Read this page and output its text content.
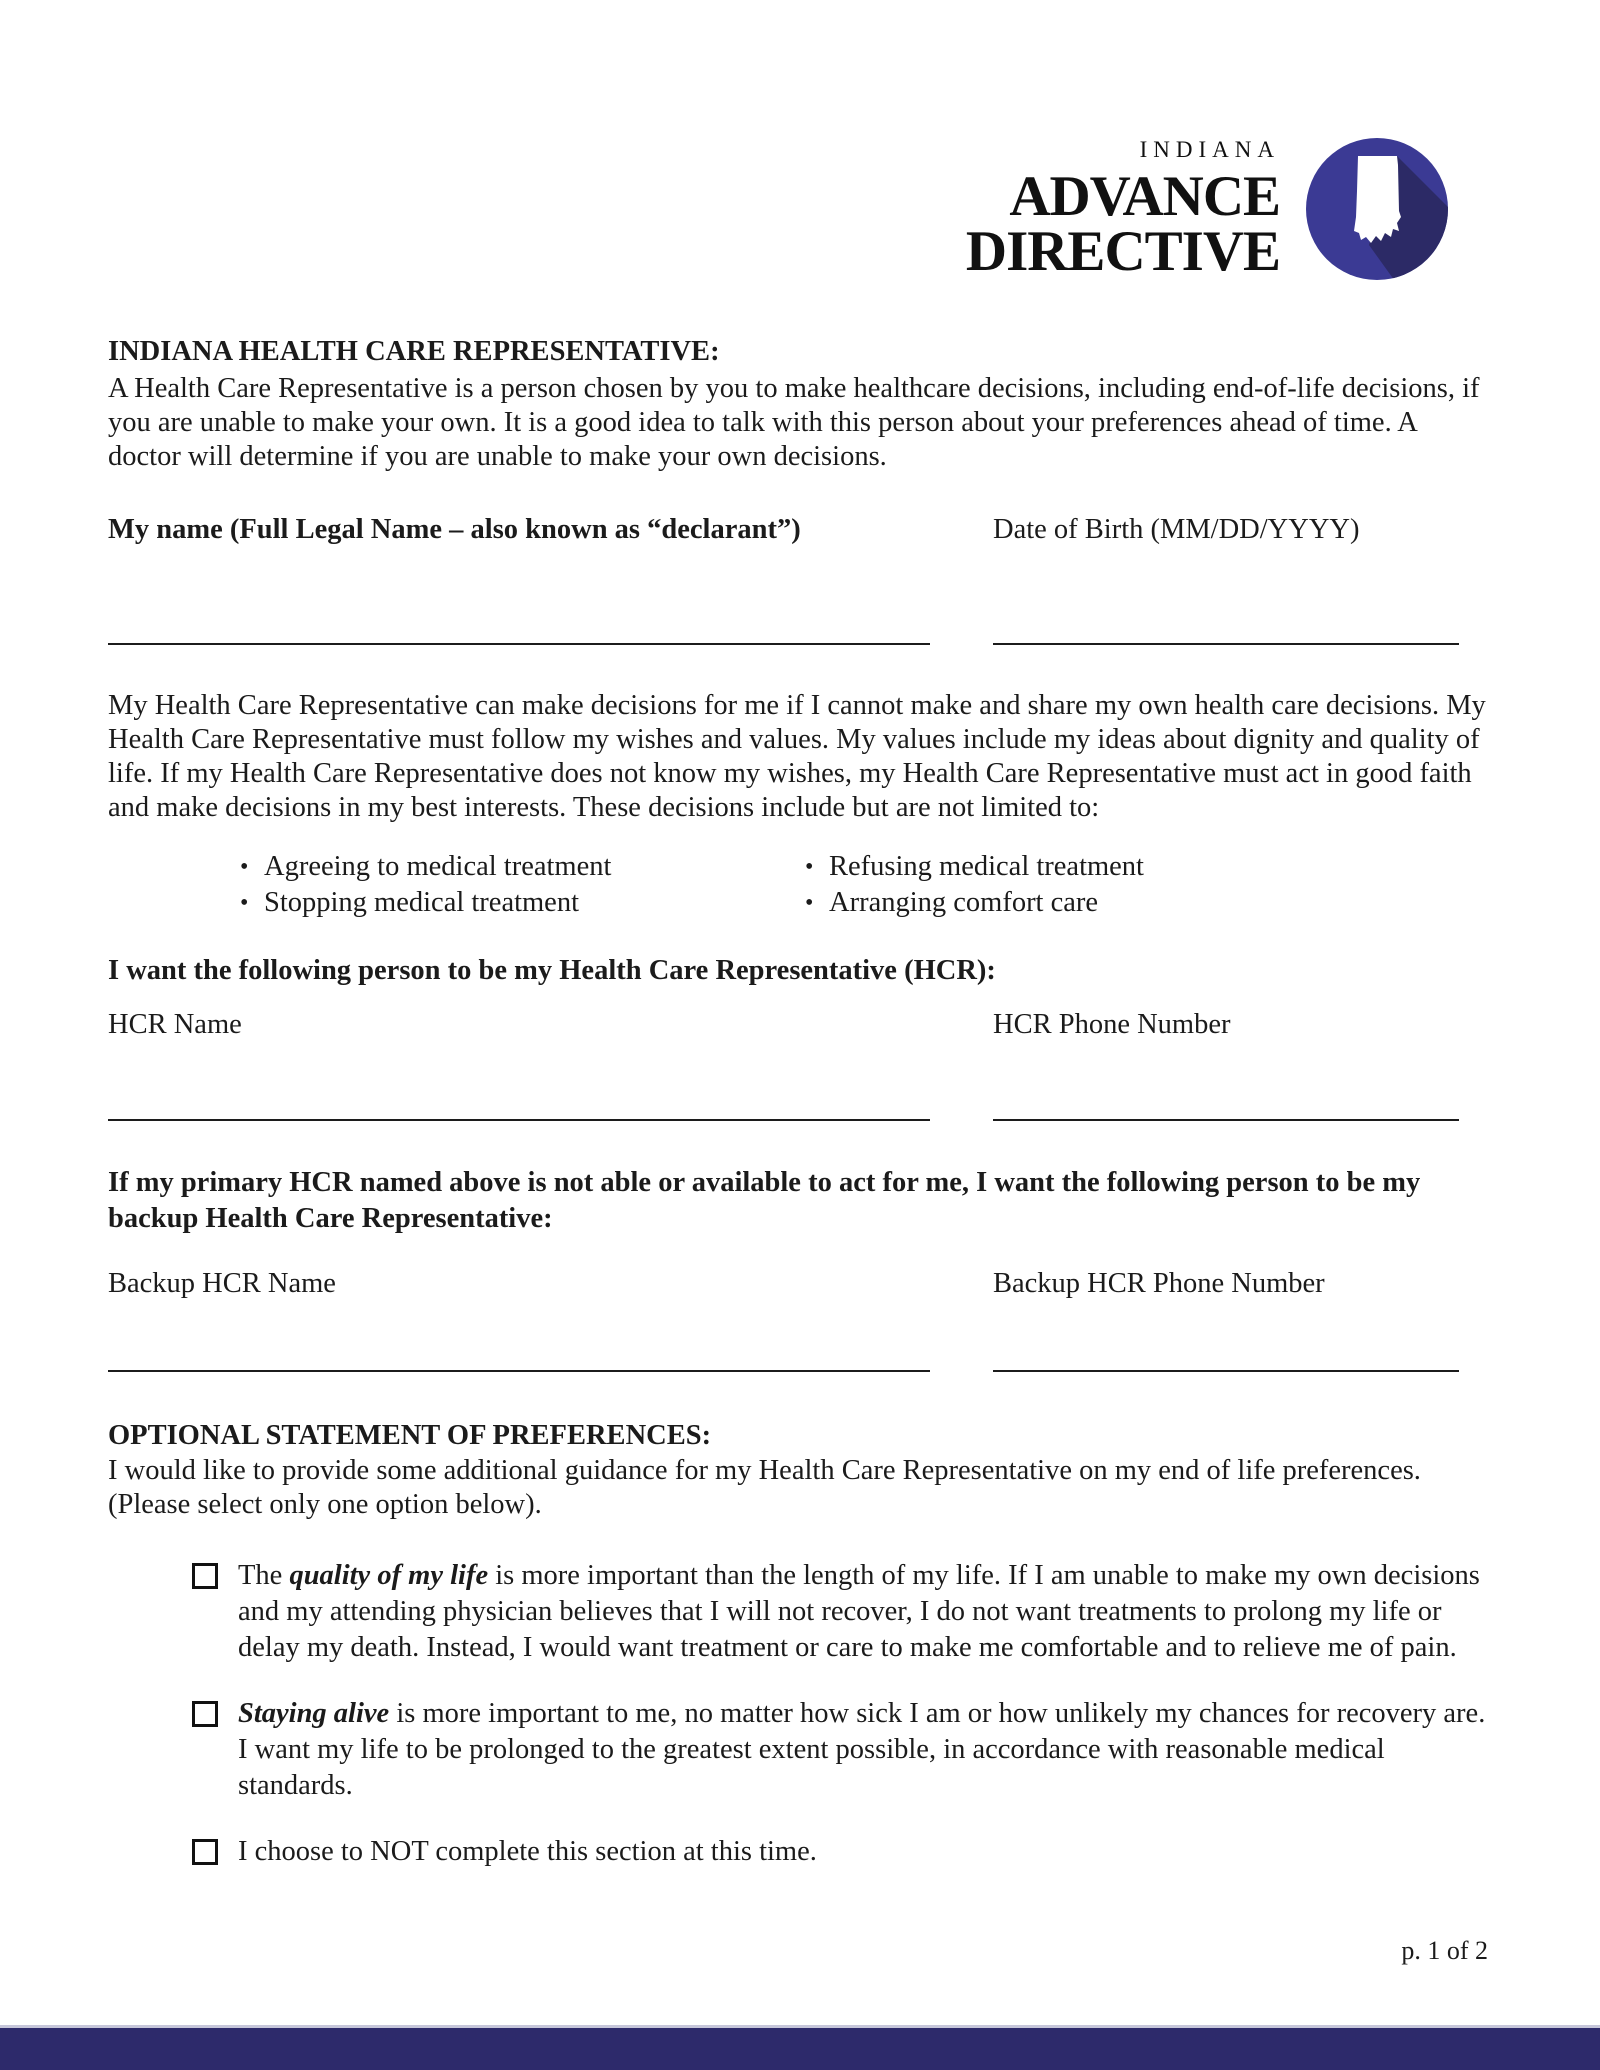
INDIANA
ADVANCE
DIRECTIVE

INDIANA HEALTH CARE REPRESENTATIVE:

A Health Care Representative is a person chosen by you to make healthcare decisions, including end-of-life decisions, if you are unable to make your own. It is a good idea to talk with this person about your preferences ahead of time. A doctor will determine if you are unable to make your own decisions.

My name (Full Legal Name – also known as “declarant”)	Date of Birth (MM/DD/YYYY)

My Health Care Representative can make decisions for me if I cannot make and share my own health care decisions. My Health Care Representative must follow my wishes and values. My values include my ideas about dignity and quality of life. If my Health Care Representative does not know my wishes, my Health Care Representative must act in good faith and make decisions in my best interests. These decisions include but are not limited to:

• Agreeing to medical treatment
• Stopping medical treatment
• Refusing medical treatment
• Arranging comfort care

I want the following person to be my Health Care Representative (HCR):

HCR Name	HCR Phone Number

If my primary HCR named above is not able or available to act for me, I want the following person to be my backup Health Care Representative:

Backup HCR Name	Backup HCR Phone Number

OPTIONAL STATEMENT OF PREFERENCES:

I would like to provide some additional guidance for my Health Care Representative on my end of life preferences. (Please select only one option below).

The quality of my life is more important than the length of my life. If I am unable to make my own decisions and my attending physician believes that I will not recover, I do not want treatments to prolong my life or delay my death. Instead, I would want treatment or care to make me comfortable and to relieve me of pain.
Staying alive is more important to me, no matter how sick I am or how unlikely my chances for recovery are. I want my life to be prolonged to the greatest extent possible, in accordance with reasonable medical standards.
I choose to NOT complete this section at this time.
p. 1 of 2
